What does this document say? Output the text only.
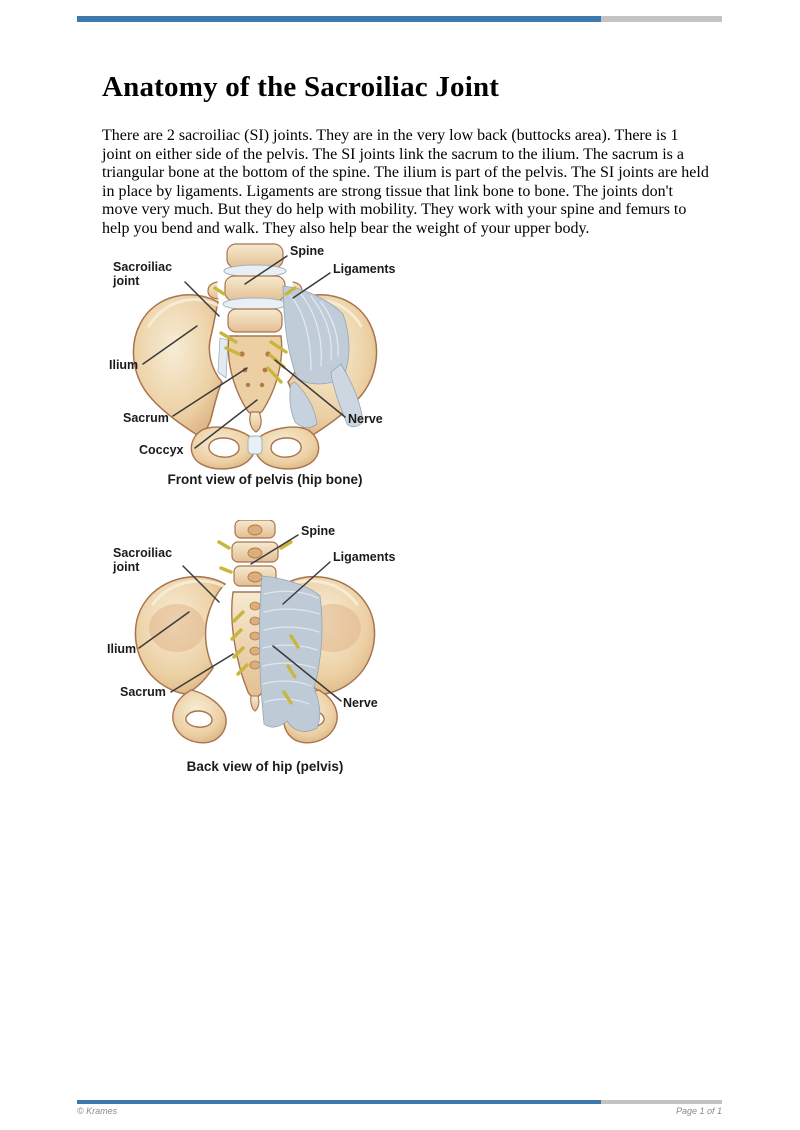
Anatomy of the Sacroiliac Joint

There are 2 sacroiliac (SI) joints. They are in the very low back (buttocks area). There is 1 joint on either side of the pelvis. The SI joints link the sacrum to the ilium. The sacrum is a triangular bone at the bottom of the spine. The ilium is part of the pelvis. The SI joints are held in place by ligaments. Ligaments are strong tissue that link bone to bone. The joints don't move very much. But they do help with mobility. They work with your spine and femurs to help you bend and walk. They also help bear the weight of your upper body.

Spine
Ligaments
Sacroiliac joint
Ilium
Sacrum
Coccyx
Nerve
Front view of pelvis (hip bone)
Spine
Sacroiliac joint
Ligaments
Ilium
Sacrum
Nerve
Back view of hip (pelvis)
© Krames	Page 1 of 1
